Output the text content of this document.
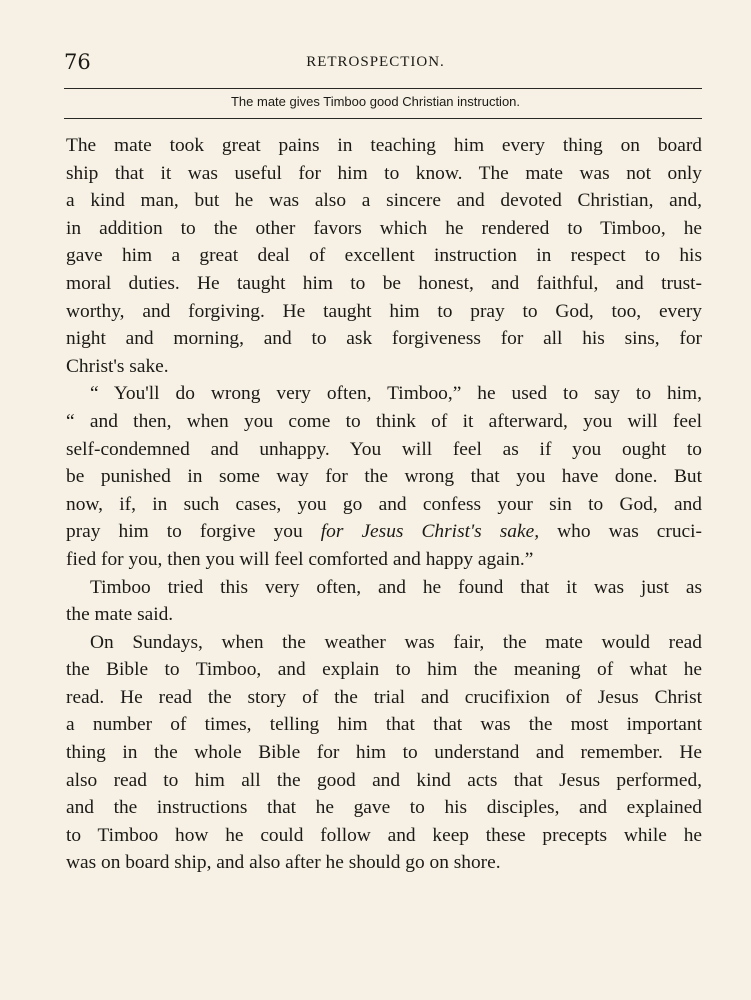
76	RETROSPECTION.
The mate gives Timboo good Christian instruction.
The mate took great pains in teaching him every thing on board
ship that it was useful for him to know. The mate was not only
a kind man, but he was also a sincere and devoted Christian, and,
in addition to the other favors which he rendered to Timboo, he
gave him a great deal of excellent instruction in respect to his
moral duties. He taught him to be honest, and faithful, and trust-
worthy, and forgiving. He taught him to pray to God, too, every
night and morning, and to ask forgiveness for all his sins, for
Christ's sake.
“ You'll do wrong very often, Timboo,” he used to say to him,
“ and then, when you come to think of it afterward, you will feel
self-condemned and unhappy. You will feel as if you ought to
be punished in some way for the wrong that you have done. But
now, if, in such cases, you go and confess your sin to God, and
pray him to forgive you for Jesus Christ's sake, who was cruci-
fied for you, then you will feel comforted and happy again.”
Timboo tried this very often, and he found that it was just as
the mate said.
On Sundays, when the weather was fair, the mate would read
the Bible to Timboo, and explain to him the meaning of what he
read. He read the story of the trial and crucifixion of Jesus Christ
a number of times, telling him that that was the most important
thing in the whole Bible for him to understand and remember. He
also read to him all the good and kind acts that Jesus performed,
and the instructions that he gave to his disciples, and explained
to Timboo how he could follow and keep these precepts while he
was on board ship, and also after he should go on shore.
